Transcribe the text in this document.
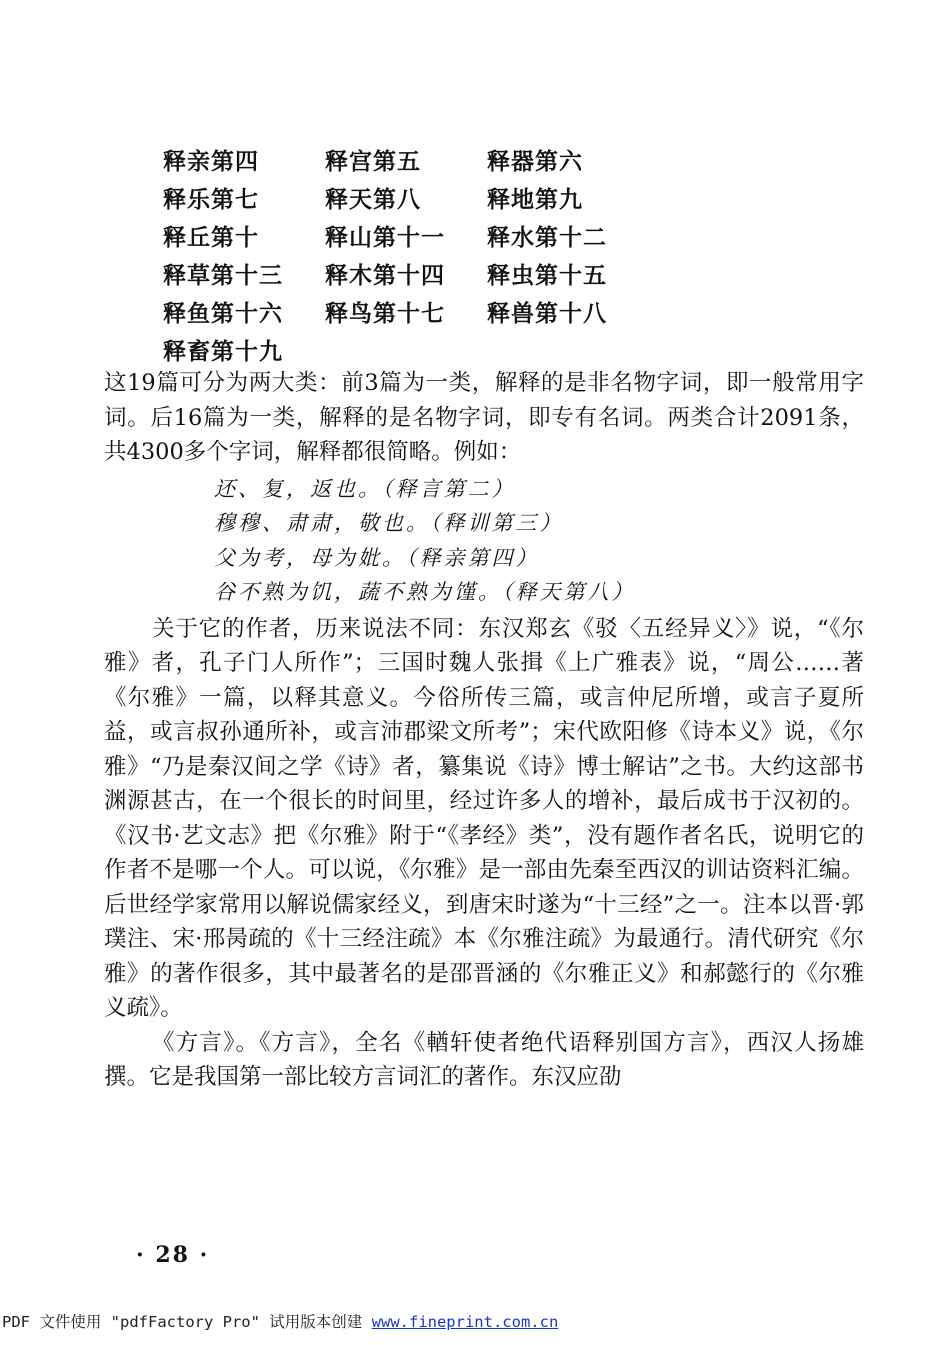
释亲第四	释宫第五	释器第六
释乐第七	释天第八	释地第九
释丘第十	释山第十一	释水第十二
释草第十三	释木第十四	释虫第十五
释鱼第十六	释鸟第十七	释兽第十八
释畜第十九

这19篇可分为两大类：前3篇为一类，解释的是非名物字词，即一般常用字词。后16篇为一类，解释的是名物字词，即专有名词。两类合计2091条，共4300多个字词，解释都很简略。例如：

还、复，返也。（释言第二）
穆穆、肃肃，敬也。（释训第三）
父为考，母为妣。（释亲第四）
谷不熟为饥，蔬不熟为馑。（释天第八）

关于它的作者，历来说法不同：东汉郑玄《驳〈五经异义〉》说，“《尔雅》者，孔子门人所作”；三国时魏人张揖《上广雅表》说，“周公……著《尔雅》一篇，以释其意义。今俗所传三篇，或言仲尼所增，或言子夏所益，或言叔孙通所补，或言沛郡梁文所考”；宋代欧阳修《诗本义》说，《尔雅》“乃是秦汉间之学《诗》者，纂集说《诗》博士解诂”之书。大约这部书渊源甚古，在一个很长的时间里，经过许多人的增补，最后成书于汉初的。《汉书·艺文志》把《尔雅》附于“《孝经》类”，没有题作者名氏，说明它的作者不是哪一个人。可以说，《尔雅》是一部由先秦至西汉的训诂资料汇编。后世经学家常用以解说儒家经义，到唐宋时遂为“十三经”之一。注本以晋·郭璞注、宋·邢昺疏的《十三经注疏》本《尔雅注疏》为最通行。清代研究《尔雅》的著作很多，其中最著名的是邵晋涵的《尔雅正义》和郝懿行的《尔雅义疏》。

《方言》。《方言》，全名《輶轩使者绝代语释别国方言》，西汉人扬雄撰。它是我国第一部比较方言词汇的著作。东汉应劭

· 28 ·
PDF 文件使用 "pdfFactory Pro" 试用版本创建 www.fineprint.com.cn
